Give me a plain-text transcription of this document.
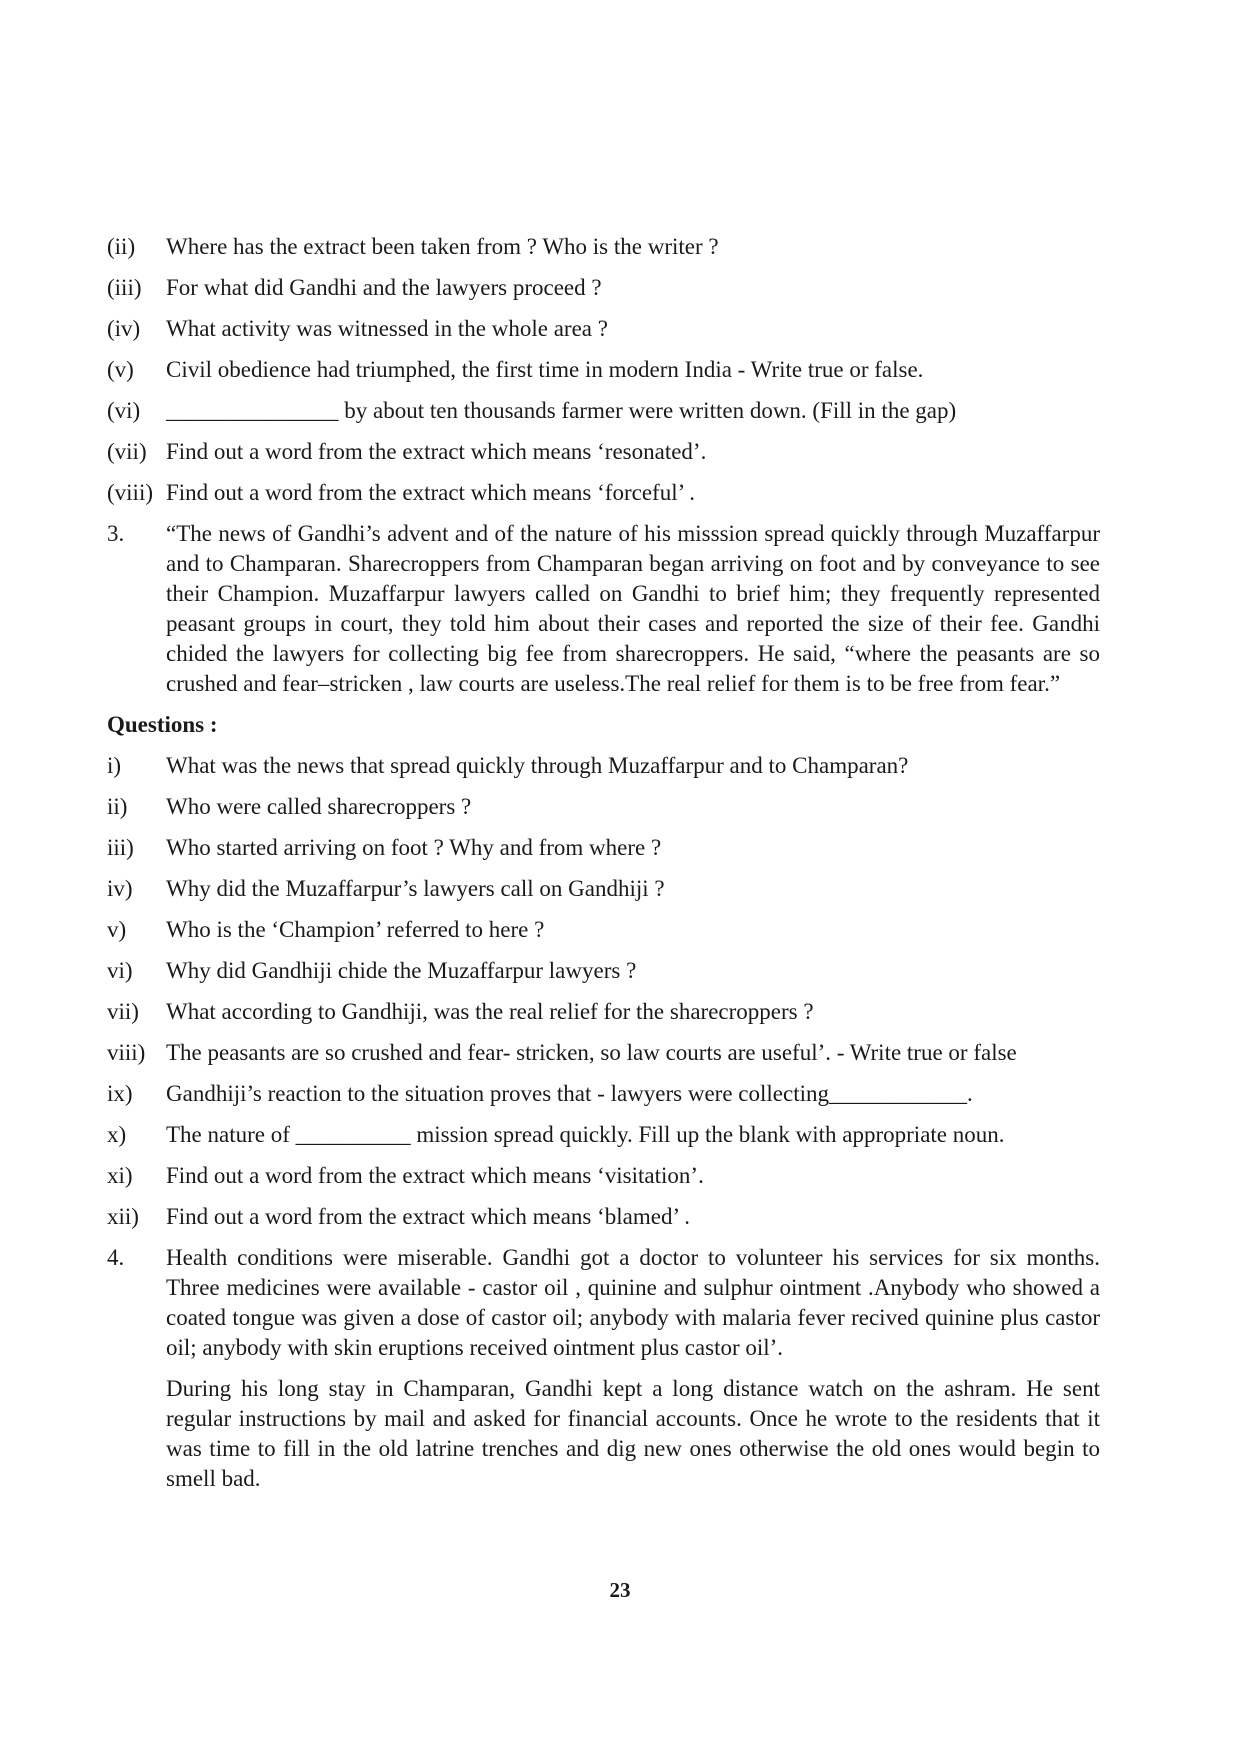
(ii)	Where has the extract been taken from ? Who is the writer ?
(iii)	For what did Gandhi and the lawyers proceed ?
(iv)	What activity was witnessed in the whole area ?
(v)	Civil obedience had triumphed, the first time in modern India - Write true or false.
(vi)	_______________ by about ten thousands farmer were written down. (Fill in the gap)
(vii) Find out a word from the extract which means ‘resonated’.
(viii) Find out a word from the extract which means ‘forceful’ .
3.	“The news of Gandhi’s advent and of the nature of his misssion spread quickly through Muzaffarpur and to Champaran. Sharecroppers from Champaran began arriving on foot and by conveyance to see their Champion. Muzaffarpur lawyers called on Gandhi to brief him; they frequently represented peasant groups in court, they told him about their cases and reported the size of their fee. Gandhi chided the lawyers for collecting big fee from sharecroppers. He said, “where the peasants are so crushed and fear–stricken , law courts are useless.The real relief for them is to be free from fear.”
Questions :
i)	What was the news that spread quickly through Muzaffarpur and to Champaran?
ii)	Who were called sharecroppers ?
iii)	Who started arriving on foot ? Why and from where ?
iv)	Why did the Muzaffarpur’s lawyers call on Gandhiji ?
v)	Who is the ‘Champion’ referred to here ?
vi)	Why did Gandhiji chide the Muzaffarpur lawyers ?
vii)	What according to Gandhiji, was the real relief for the sharecroppers ?
viii) The peasants are so crushed and fear- stricken, so law courts are useful’. - Write true or false
ix)	Gandhiji’s reaction to the situation proves that - lawyers were collecting____________.
x)	The nature of __________ mission spread quickly. Fill up the blank with appropriate noun.
xi)	Find out a word from the extract which means ‘visitation’.
xii)	Find out a word from the extract which means ‘blamed’ .
4.	Health conditions were miserable. Gandhi got a doctor to volunteer his services for six months. Three medicines were available - castor oil , quinine and sulphur ointment .Anybody who showed a coated tongue was given a dose of castor oil; anybody with malaria fever recived quinine plus castor oil; anybody with skin eruptions received ointment plus castor oil’.
During his long stay in Champaran, Gandhi kept a long distance watch on the ashram. He sent regular instructions by mail and asked for financial accounts. Once he wrote to the residents that it was time to fill in the old latrine trenches and dig new ones otherwise the old ones would begin to smell bad.
23
